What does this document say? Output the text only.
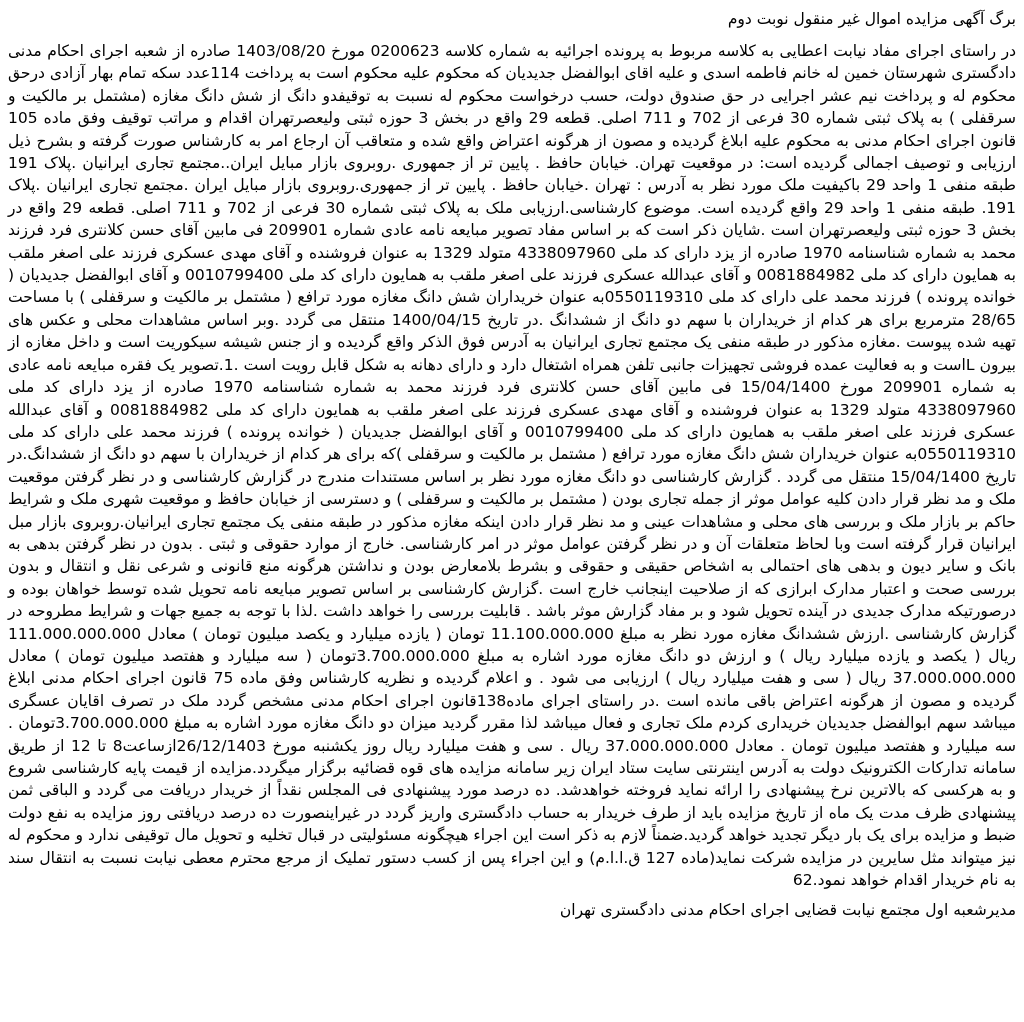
برگ آگهی مزایده اموال غیر منقول نوبت دوم

در راستای اجرای مفاد نیابت اعطایی به کلاسه مربوط به پرونده اجرائیه به شماره کلاسه 0200623 مورخ 1403/08/20 صادره از شعبه اجرای احکام مدنی دادگستری شهرستان خمین له خانم فاطمه اسدی و علیه اقای ابوالفضل جدیدیان که محکوم علیه محکوم است به پرداخت 114عدد سکه تمام بهار آزادی درحق محکوم له و پرداخت نیم عشر اجرایی در حق صندوق دولت، حسب درخواست محکوم له نسبت به توقیفدو دانگ از شش دانگ مغازه (مشتمل بر مالکیت و سرقفلی ) به پلاک ثبتی شماره 30 فرعی از 702 و 711 اصلی. قطعه 29 واقع در بخش 3 حوزه ثبتی ولیعصرتهران اقدام و مراتب توقیف وفق ماده 105 قانون اجرای احکام مدنی به محکوم علیه ابلاغ گردیده و مصون از هرگونه اعتراض واقع شده و متعاقب آن ارجاع امر به کارشناس صورت گرفته و بشرح ذیل ارزیابی و توصیف اجمالی گردیده است: در موقعیت تهران. خیابان حافظ . پایین تر از جمهوری .روبروی بازار مبایل ایران..مجتمع تجاری ایرانیان .پلاک 191 طبقه منفی 1 واحد 29 باکیفیت ملک مورد نظر به آدرس : تهران .خیابان حافظ . پایین تر از جمهوری.روبروی بازار مبایل ایران .مجتمع تجاری ایرانیان .پلاک 191. طبقه منفی 1 واحد 29 واقع گردیده است. موضوع کارشناسی.ارزیابی ملک به پلاک ثبتی شماره 30 فرعی از 702 و 711 اصلی. قطعه 29 واقع در بخش 3 حوزه ثبتی ولیعصرتهران است .شایان ذکر است که بر اساس مفاد تصویر مبایعه نامه عادی شماره 209901 فی مابین آقای حسن کلانتری فرد فرزند محمد به شماره شناسنامه 1970 صادره از یزد دارای کد ملی 4338097960 متولد 1329 به عنوان فروشنده و آقای مهدی عسکری فرزند علی اصغر ملقب به همایون دارای کد ملی 0081884982 و آقای عبدالله عسکری فرزند علی اصغر ملقب به همایون دارای کد ملی 0010799400 و آقای ابوالفضل جدیدیان ( خوانده پرونده ) فرزند محمد علی دارای کد ملی 0550119310به عنوان خریداران شش دانگ مغازه مورد ترافع ( مشتمل بر مالکیت و سرقفلی ) با مساحت 28/65 مترمربع برای هر کدام از خریداران با سهم دو دانگ از ششدانگ .در تاریخ 1400/04/15 منتقل می گردد .وبر اساس مشاهدات محلی و عکس های تهیه شده پیوست .مغازه مذکور در طبقه منفی یک مجتمع تجاری ایرانیان به آدرس فوق الذکر واقع گردیده و از جنس شیشه سیکوریت است و داخل مغازه از بیرون Lاست و به فعالیت عمده فروشی تجهیزات جانبی تلفن همراه اشتغال دارد و دارای دهانه به شکل قابل رویت است .1.تصویر یک فقره مبایعه نامه عادی به شماره 209901 مورخ 15/04/1400 فی مابین آقای حسن کلانتری فرد فرزند محمد به شماره شناسنامه 1970 صادره از یزد دارای کد ملی 4338097960 متولد 1329 به عنوان فروشنده و آقای مهدی عسکری فرزند علی اصغر ملقب به همایون دارای کد ملی 0081884982 و آقای عبدالله عسکری فرزند علی اصغر ملقب به همایون دارای کد ملی 0010799400 و آقای ابوالفضل جدیدیان ( خوانده پرونده ) فرزند محمد علی دارای کد ملی 0550119310به عنوان خریداران شش دانگ مغازه مورد ترافع ( مشتمل بر مالکیت و سرقفلی )که برای هر کدام از خریداران با سهم دو دانگ از ششدانگ.در تاریخ 15/04/1400 منتقل می گردد . گزارش کارشناسی دو دانگ مغازه مورد نظر بر اساس مستندات مندرج در گزارش کارشناسی و در نظر گرفتن موقعیت ملک و مد نظر قرار دادن کلیه عوامل موثر از جمله تجاری بودن ( مشتمل بر مالکیت و سرقفلی ) و دسترسی از خیابان حافظ و موقعیت شهری ملک و شرایط حاکم بر بازار ملک و بررسی های محلی و مشاهدات عینی و مد نظر قرار دادن اینکه مغازه مذکور در طبقه منفی یک مجتمع تجاری ایرانیان.روبروی بازار مبل ایرانیان قرار گرفته است وبا لحاظ متعلقات آن و در نظر گرفتن عوامل موثر در امر کارشناسی. خارج از موارد حقوقی و ثبتی . بدون در نظر گرفتن بدهی به بانک و سایر دیون و بدهی های احتمالی به اشخاص حقیقی و حقوقی و بشرط بلامعارض بودن و نداشتن هرگونه منع قانونی و شرعی نقل و انتقال و بدون بررسی صحت و اعتبار مدارک ابرازی که از صلاحیت اینجانب خارج است .گزارش کارشناسی بر اساس تصویر مبایعه نامه تحویل شده توسط خواهان بوده و درصورتیکه مدارک جدیدی در آینده تحویل شود و بر مفاد گزارش موثر باشد . قابلیت بررسی را خواهد داشت .لذا با توجه به جمیع جهات و شرایط مطروحه در گزارش کارشناسی .ارزش ششدانگ مغازه مورد نظر به مبلغ 11.100.000.000 تومان ( یازده میلیارد و یکصد میلیون تومان ) معادل 111.000.000.000 ریال ( یکصد و یازده میلیارد ریال ) و ارزش دو دانگ مغازه مورد اشاره به مبلغ 3.700.000.000تومان ( سه میلیارد و هفتصد میلیون تومان ) معادل 37.000.000.000 ریال ( سی و هفت میلیارد ریال ) ارزیابی می شود . و اعلام گردیده و نظریه کارشناس وفق ماده 75 قانون اجرای احکام مدنی ابلاغ گردیده و مصون از هرگونه اعتراض باقی مانده است .در راستای اجرای ماده138قانون اجرای احکام مدنی مشخص گردد ملک در تصرف اقایان عسگری میباشد سهم ابوالفضل جدیدیان خریداری کردم ملک تجاری و فعال میباشد لذا مقرر گردید میزان دو دانگ مغازه مورد اشاره به مبلغ 3.700.000.000تومان . سه میلیارد و هفتصد میلیون تومان . معادل 37.000.000.000 ریال . سی و هفت میلیارد ریال روز یکشنبه مورخ 26/12/1403ازساعت8 تا 12 از طریق سامانه تدارکات الکترونیک دولت به آدرس اینترنتی سایت ستاد ایران زیر سامانه مزایده های قوه قضائیه برگزار میگردد.مزایده از قیمت پایه کارشناسی شروع و به هرکسی که بالاترین نرخ پیشنهادی را ارائه نماید فروخته خواهدشد. ده درصد مورد پیشنهادی فی المجلس نقداً از خریدار دریافت می گردد و الباقی ثمن پیشنهادی ظرف مدت یک ماه از تاریخ مزایده باید از طرف خریدار به حساب دادگستری واریز گردد در غیراینصورت ده درصد دریافتی روز مزایده به نفع دولت ضبط و مزایده برای یک بار دیگر تجدید خواهد گردید.ضمناً لازم به ذکر است این اجراء هیچگونه مسئولیتی در قبال تخلیه و تحویل مال توقیفی ندارد و محکوم له نیز میتواند مثل سایرین در مزایده شرکت نماید(ماده 127 ق.ا.ا.م) و این اجراء پس از کسب دستور تملیک از مرجع محترم معطی نیابت نسبت به انتقال سند به نام خریدار اقدام خواهد نمود.62

مدیرشعبه اول مجتمع نیابت قضایی اجرای احکام مدنی دادگستری تهران
